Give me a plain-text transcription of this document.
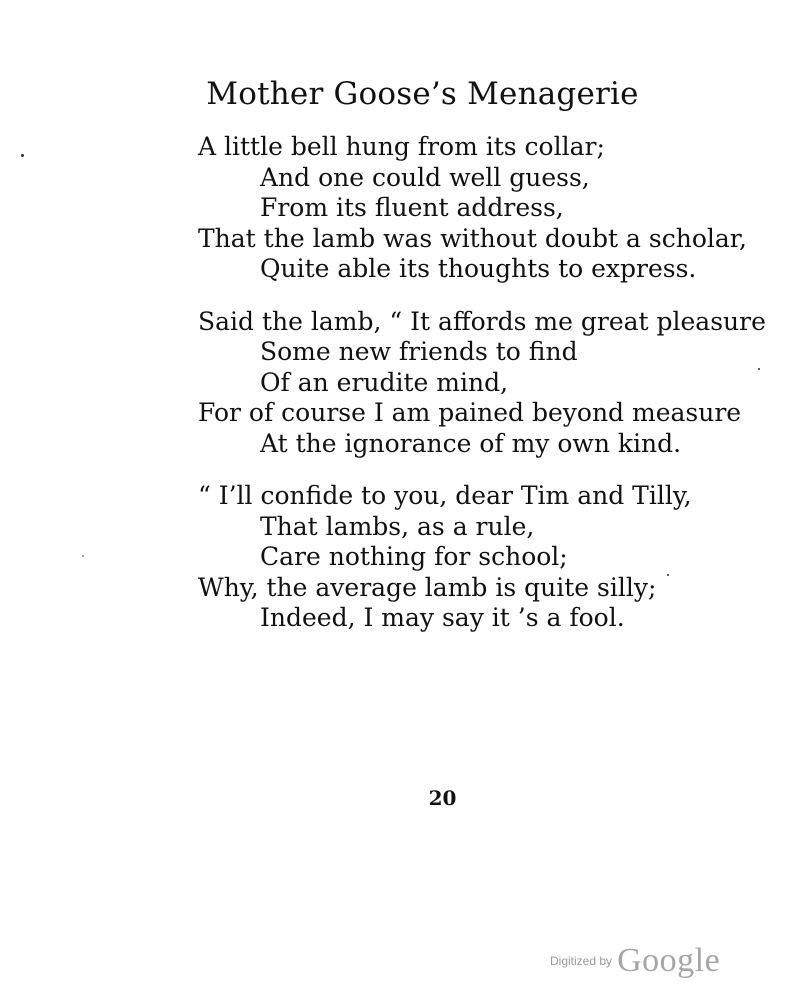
Mother Goose’s Menagerie
A little bell hung from its collar;
And one could well guess,
From its fluent address,
That the lamb was without doubt a scholar,
Quite able its thoughts to express.
Said the lamb, “ It affords me great pleasure
Some new friends to find
Of an erudite mind,
For of course I am pained beyond measure
At the ignorance of my own kind.
“ I’ll confide to you, dear Tim and Tilly,
That lambs, as a rule,
Care nothing for school;
Why, the average lamb is quite silly;
Indeed, I may say it ’s a fool.
20
Digitized by Google
